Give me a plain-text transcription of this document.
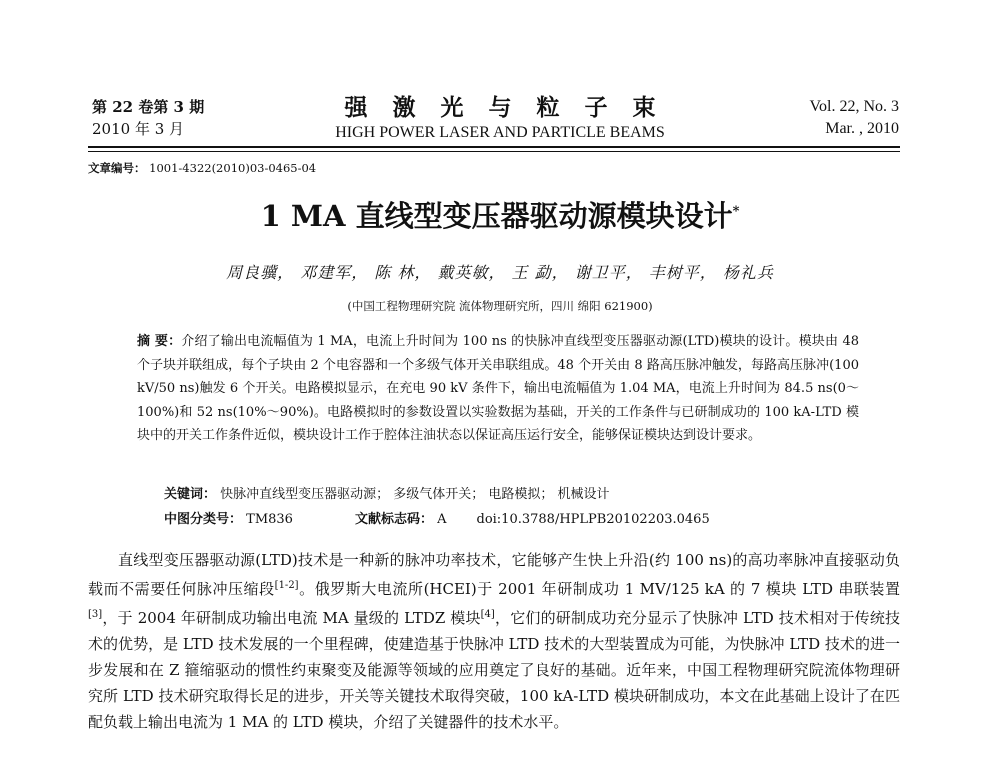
第 22 卷第 3 期
2010 年 3 月
强激光与粒子束
HIGH POWER LASER AND PARTICLE BEAMS
Vol. 22, No. 3
Mar. , 2010
文章编号： 1001-4322(2010)03-0465-04
1 MA 直线型变压器驱动源模块设计*
周良骥， 邓建军， 陈 林， 戴英敏， 王 勐， 谢卫平， 丰树平， 杨礼兵
(中国工程物理研究院 流体物理研究所，四川 绵阳 621900)
摘 要：介绍了输出电流幅值为 1 MA，电流上升时间为 100 ns 的快脉冲直线型变压器驱动源(LTD)模块的设计。模块由 48 个子块并联组成，每个子块由 2 个电容器和一个多级气体开关串联组成。48 个开关由 8 路高压脉冲触发，每路高压脉冲(100 kV/50 ns)触发 6 个开关。电路模拟显示，在充电 90 kV 条件下，输出电流幅值为 1.04 MA，电流上升时间为 84.5 ns(0～100%)和 52 ns(10%～90%)。电路模拟时的参数设置以实验数据为基础，开关的工作条件与已研制成功的 100 kA-LTD 模块中的开关工作条件近似，模块设计工作于腔体注油状态以保证高压运行安全，能够保证模块达到设计要求。
关键词： 快脉冲直线型变压器驱动源； 多级气体开关； 电路模拟； 机械设计
中图分类号： TM836	文献标志码： A doi:10.3788/HPLPB20102203.0465
直线型变压器驱动源(LTD)技术是一种新的脉冲功率技术，它能够产生快上升沿(约 100 ns)的高功率脉冲直接驱动负载而不需要任何脉冲压缩段[1-2]。俄罗斯大电流所(HCEI)于 2001 年研制成功 1 MV/125 kA 的 7 模块 LTD 串联装置[3]，于 2004 年研制成功输出电流 MA 量级的 LTDZ 模块[4]，它们的研制成功充分显示了快脉冲 LTD 技术相对于传统技术的优势，是 LTD 技术发展的一个里程碑，使建造基于快脉冲 LTD 技术的大型装置成为可能，为快脉冲 LTD 技术的进一步发展和在 Z 箍缩驱动的惯性约束聚变及能源等领域的应用奠定了良好的基础。近年来，中国工程物理研究院流体物理研究所 LTD 技术研究取得长足的进步，开关等关键技术取得突破，100 kA-LTD 模块研制成功，本文在此基础上设计了在匹配负载上输出电流为 1 MA 的 LTD 模块，介绍了关键器件的技术水平。
